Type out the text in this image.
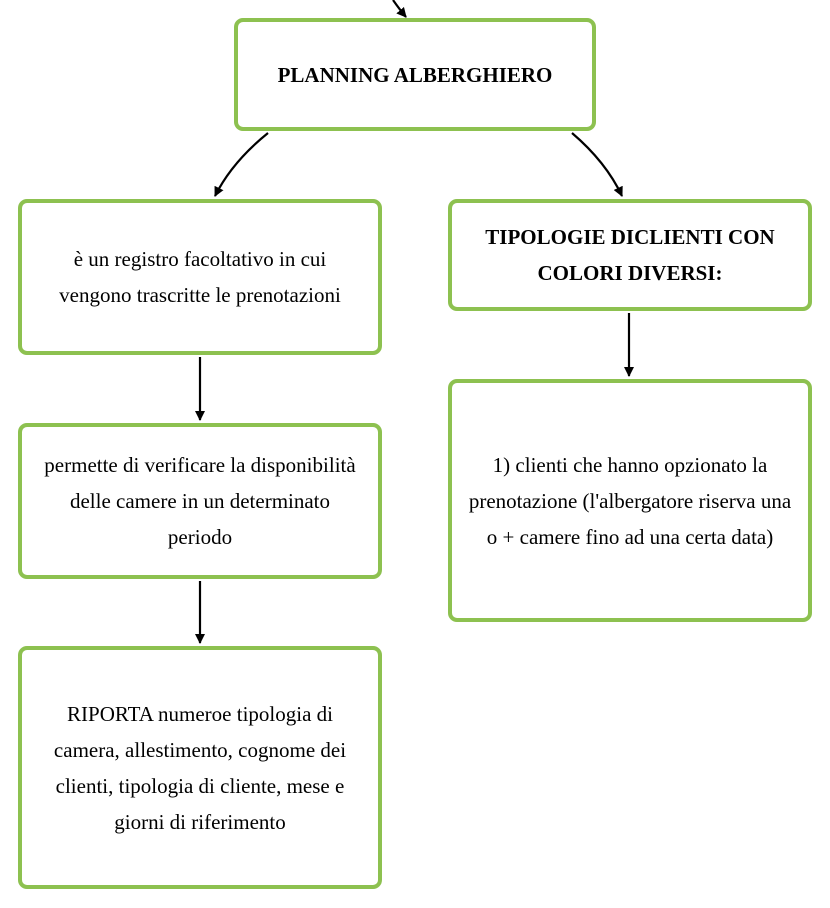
PLANNING ALBERGHIERO
è un registro facoltativo in cui vengono trascritte le prenotazioni
TIPOLOGIE DICLIENTI CON COLORI DIVERSI:
permette di verificare la disponibilità delle camere in un determinato periodo
1) clienti che hanno opzionato la prenotazione (l'albergatore riserva una o + camere fino ad una certa data)
RIPORTA numeroe tipologia di camera, allestimento, cognome dei clienti, tipologia di cliente, mese e giorni di riferimento
